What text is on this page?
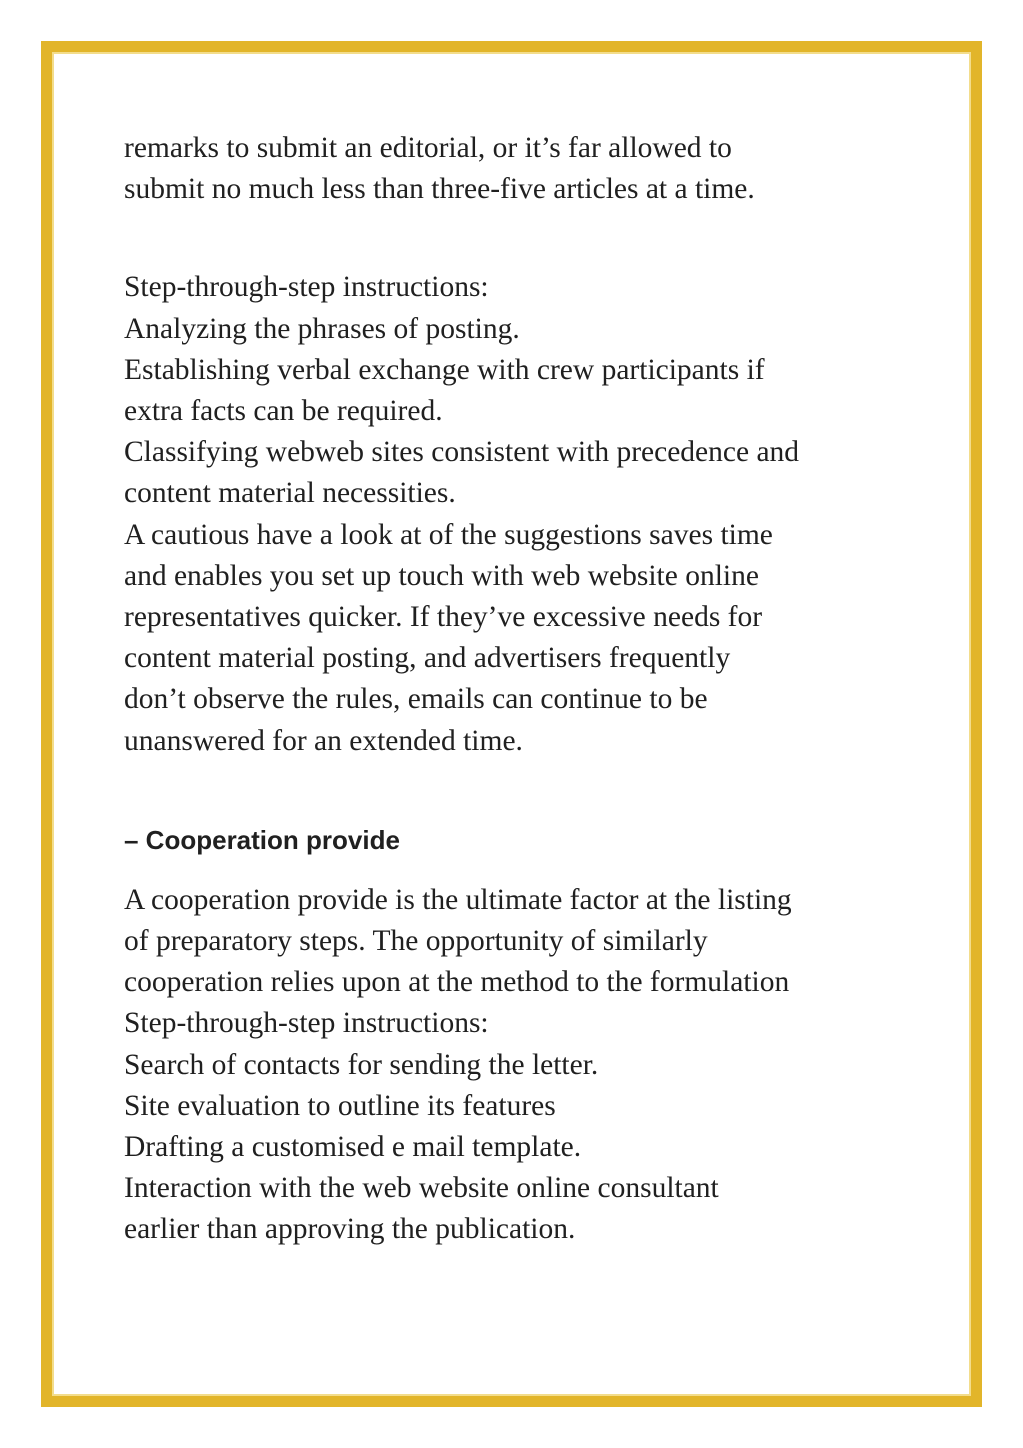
remarks to submit an editorial, or it’s far allowed to
submit no much less than three-five articles at a time.

Step-through-step instructions:
Analyzing the phrases of posting.
Establishing verbal exchange with crew participants if
extra facts can be required.
Classifying webweb sites consistent with precedence and
content material necessities.
A cautious have a look at of the suggestions saves time
and enables you set up touch with web website online
representatives quicker. If they’ve excessive needs for
content material posting, and advertisers frequently
don’t observe the rules, emails can continue to be
unanswered for an extended time.

– Cooperation provide

A cooperation provide is the ultimate factor at the listing
of preparatory steps. The opportunity of similarly
cooperation relies upon at the method to the formulation
Step-through-step instructions:
Search of contacts for sending the letter.
Site evaluation to outline its features
Drafting a customised e mail template.
Interaction with the web website online consultant
earlier than approving the publication.
